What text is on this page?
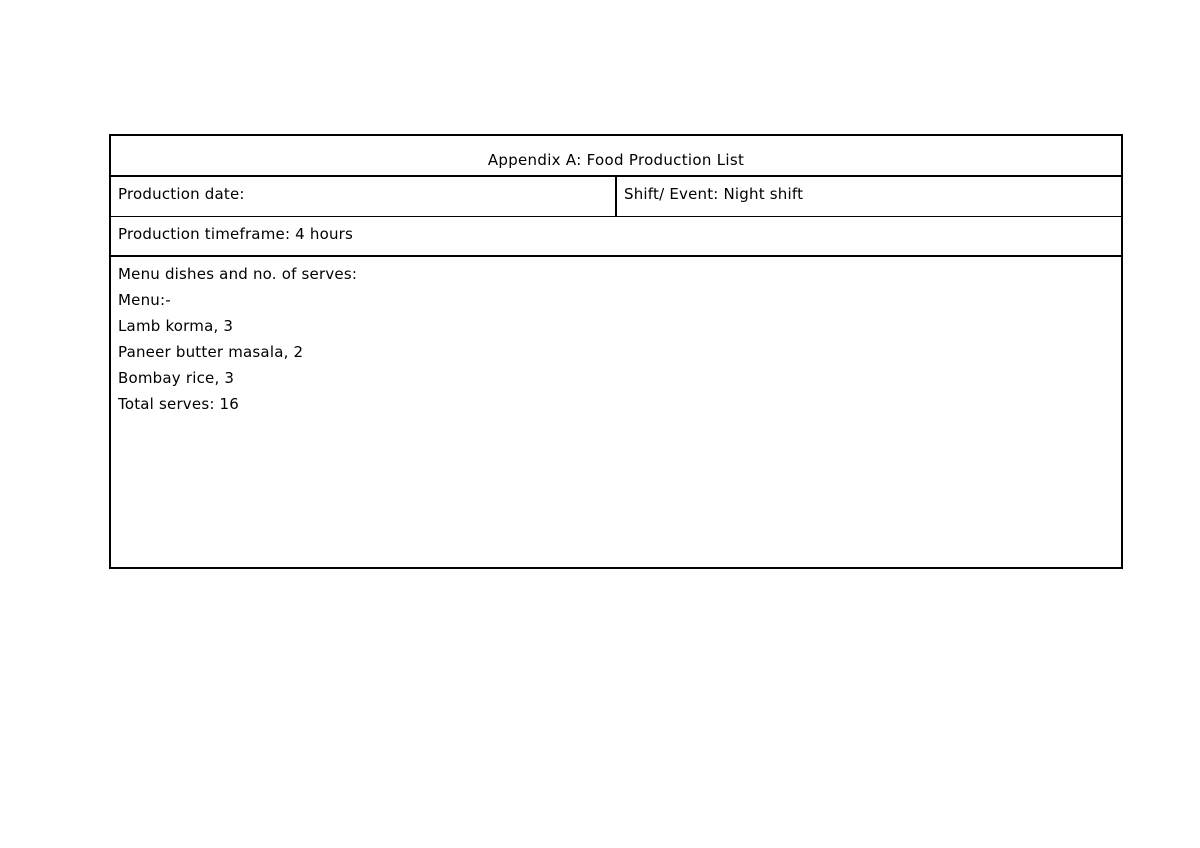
Appendix A: Food Production List
Production date:	Shift/ Event: Night shift
Production timeframe: 4 hours
Menu dishes and no. of serves:
Menu:-
Lamb korma, 3
Paneer butter masala, 2
Bombay rice, 3
Total serves: 16
